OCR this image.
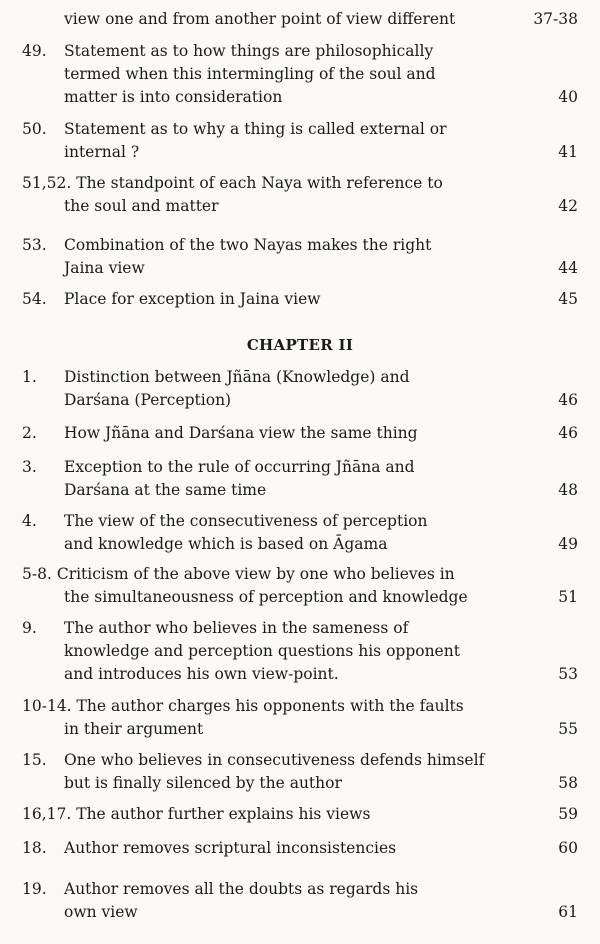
view one and from another point of view different	37-38
49. Statement as to how things are philosophically
termed when this intermingling of the soul and
matter is into consideration	40
50. Statement as to why a thing is called external or
internal ?	41
51,52. The standpoint of each Naya with reference to
the soul and matter	42
53. Combination of the two Nayas makes the right
Jaina view	44
54. Place for exception in Jaina view	45
CHAPTER II
1. Distinction between Jñāna (Knowledge) and
Darśana (Perception)	46
2. How Jñāna and Darśana view the same thing	46
3. Exception to the rule of occurring Jñāna and
Darśana at the same time	48
4. The view of the consecutiveness of perception
and knowledge which is based on Āgama	49
5-8. Criticism of the above view by one who believes in
the simultaneousness of perception and knowledge	51
9. The author who believes in the sameness of
knowledge and perception questions his opponent
and introduces his own view-point.	53
10-14. The author charges his opponents with the faults
in their argument	55
15. One who believes in consecutiveness defends himself
but is finally silenced by the author	58
16,17. The author further explains his views	59
18. Author removes scriptural inconsistencies	60
19. Author removes all the doubts as regards his
own view	61
